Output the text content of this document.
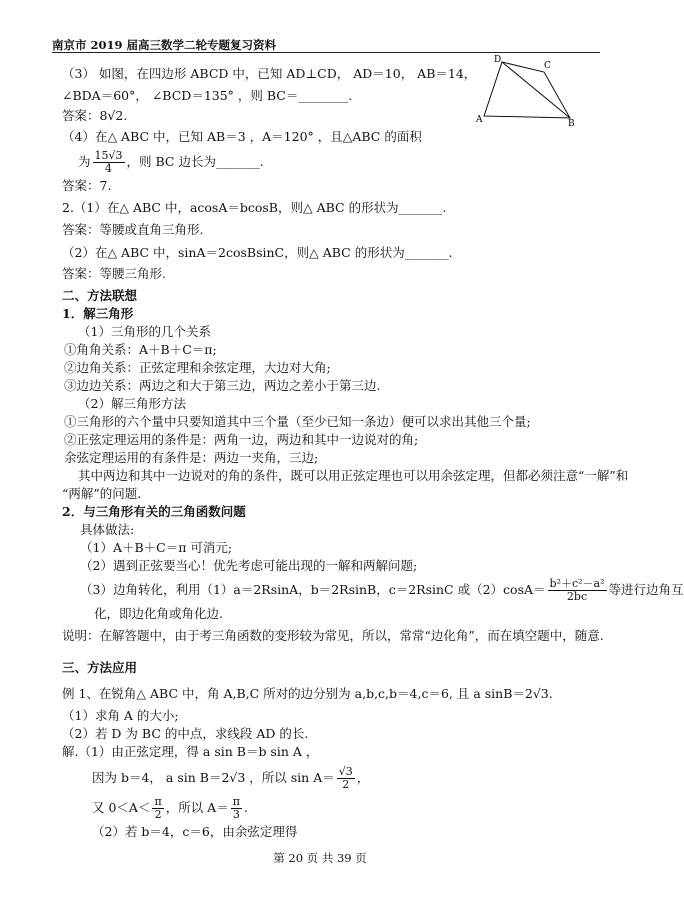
南京市 2019 届高三数学二轮专题复习资料
D
C
A	B
（3） 如图，在四边形 ABCD 中，已知 AD⊥CD， AD＝10， AB＝14，
∠BDA＝60°， ∠BCD＝135° ，则 BC＝________.
答案：8√2.
（4）在△ ABC 中，已知 AB＝3 ，A＝120° ，且△ABC 的面积
为 $\frac{15√3}{4}$ ，则 BC 边长为_______.
答案：7.
2.（1）在△ ABC 中，acosA＝bcosB，则△ ABC 的形状为_______.
答案：等腰或直角三角形.
（2）在△ ABC 中，sinA＝2cosBsinC，则△ ABC 的形状为_______.
答案：等腰三角形.
二、方法联想
1．解三角形
（1）三角形的几个关系
①角角关系：A＋B＋C＝π;
②边角关系：正弦定理和余弦定理，大边对大角;
③边边关系：两边之和大于第三边，两边之差小于第三边.
（2）解三角形方法
①三角形的六个量中只要知道其中三个量（至少已知一条边）便可以求出其他三个量;
②正弦定理运用的条件是：两角一边，两边和其中一边说对的角;
余弦定理运用的有条件是：两边一夹角，三边;
其中两边和其中一边说对的角的条件，既可以用正弦定理也可以用余弦定理，但都必须注意“一解”和
“两解”的问题.
2．与三角形有关的三角函数问题
具体做法:
（1）A＋B＋C＝π 可消元;
（2）遇到正弦要当心！优先考虑可能出现的一解和两解问题;
（3）边角转化，利用（1）a＝2RsinA，b＝2RsinB，c＝2RsinC 或$(2)\cos A= \frac{\text{b²＋c²－a²}}{2bc}$ 等进行边角互
化，即边化角或角化边.
说明：在解答题中，由于考三角函数的变形较为常见，所以，常常“边化角”，而在填空题中，随意.
三、方法应用
例 1、在锐角△ ABC 中，角 A,B,C 所对的边分别为 a,b,c,b＝4,c＝6, 且 a sinB＝2√3.
（1）求角 A 的大小;
（2）若 D 为 BC 的中点，求线段 AD 的长.
解.（1）由正弦定理，得 a sin B＝b sin A ，
因为 b＝4， a sin B＝2√3 ，所以 $\sin A= \frac{√3}{2}$ ，
又 $0<A< \frac{\pi}{2}$ ，所以 $A= \frac{\pi}{3}$ .
（2）若 b＝4，c＝6，由余弦定理得
第 20 页 共 39 页
